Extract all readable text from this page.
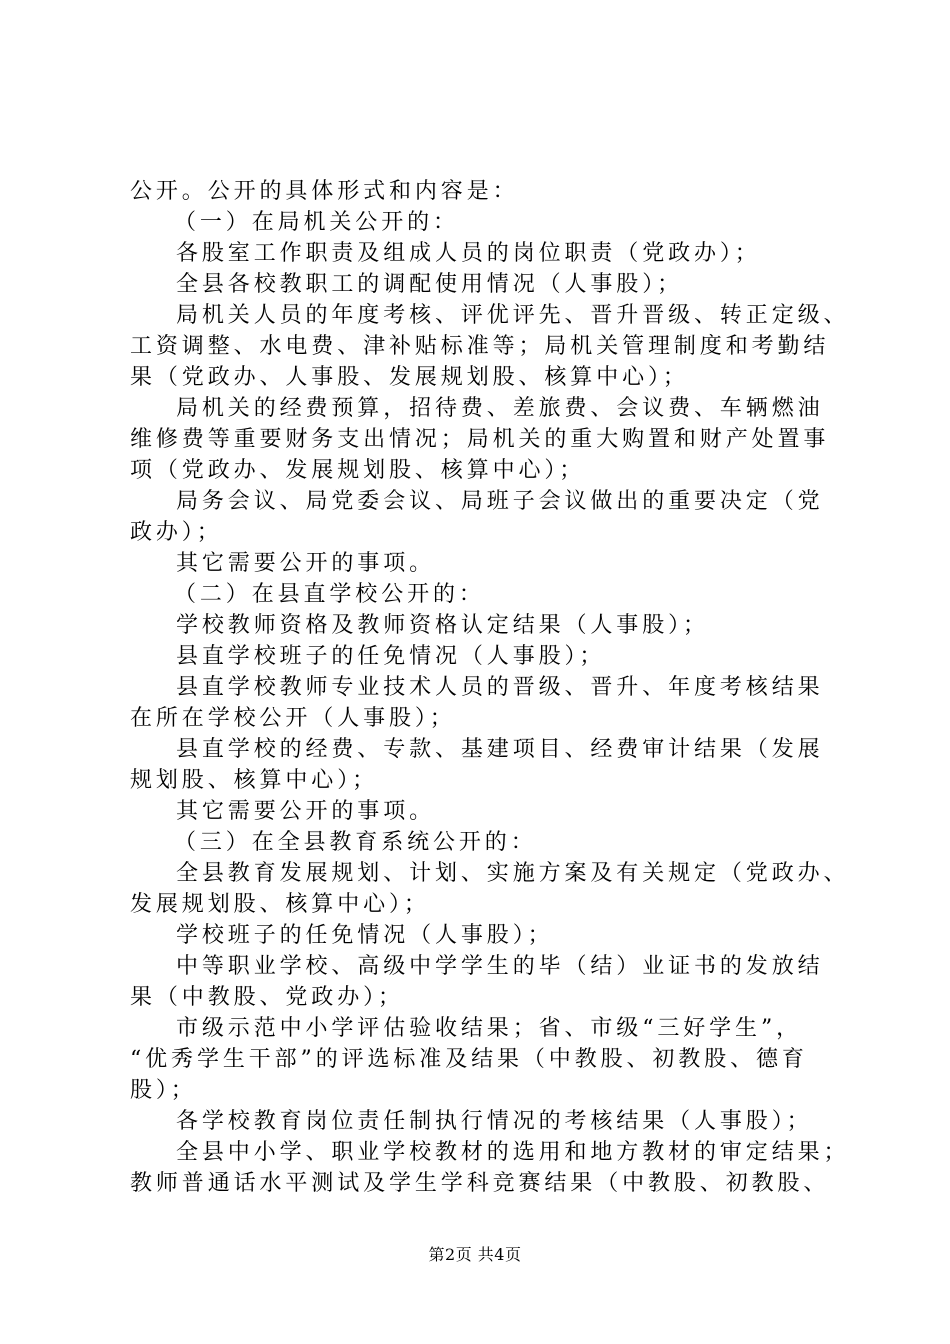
公开。公开的具体形式和内容是：
（一）在局机关公开的：
各股室工作职责及组成人员的岗位职责（党政办）；
全县各校教职工的调配使用情况（人事股）；
局机关人员的年度考核、评优评先、晋升晋级、转正定级、
工资调整、水电费、津补贴标准等；局机关管理制度和考勤结
果（党政办、人事股、发展规划股、核算中心）；
局机关的经费预算，招待费、差旅费、会议费、车辆燃油
维修费等重要财务支出情况；局机关的重大购置和财产处置事
项（党政办、发展规划股、核算中心）；
局务会议、局党委会议、局班子会议做出的重要决定（党
政办）；
其它需要公开的事项。
（二）在县直学校公开的：
学校教师资格及教师资格认定结果（人事股）；
县直学校班子的任免情况（人事股）；
县直学校教师专业技术人员的晋级、晋升、年度考核结果
在所在学校公开（人事股）；
县直学校的经费、专款、基建项目、经费审计结果（发展
规划股、核算中心）；
其它需要公开的事项。
（三）在全县教育系统公开的：
全县教育发展规划、计划、实施方案及有关规定（党政办、
发展规划股、核算中心）；
学校班子的任免情况（人事股）；
中等职业学校、高级中学学生的毕（结）业证书的发放结
果（中教股、党政办）；
市级示范中小学评估验收结果；省、市级“三好学生”，
“优秀学生干部”的评选标准及结果（中教股、初教股、德育
股）；
各学校教育岗位责任制执行情况的考核结果（人事股）；
全县中小学、职业学校教材的选用和地方教材的审定结果；
教师普通话水平测试及学生学科竞赛结果（中教股、初教股、
第2页 共4页
